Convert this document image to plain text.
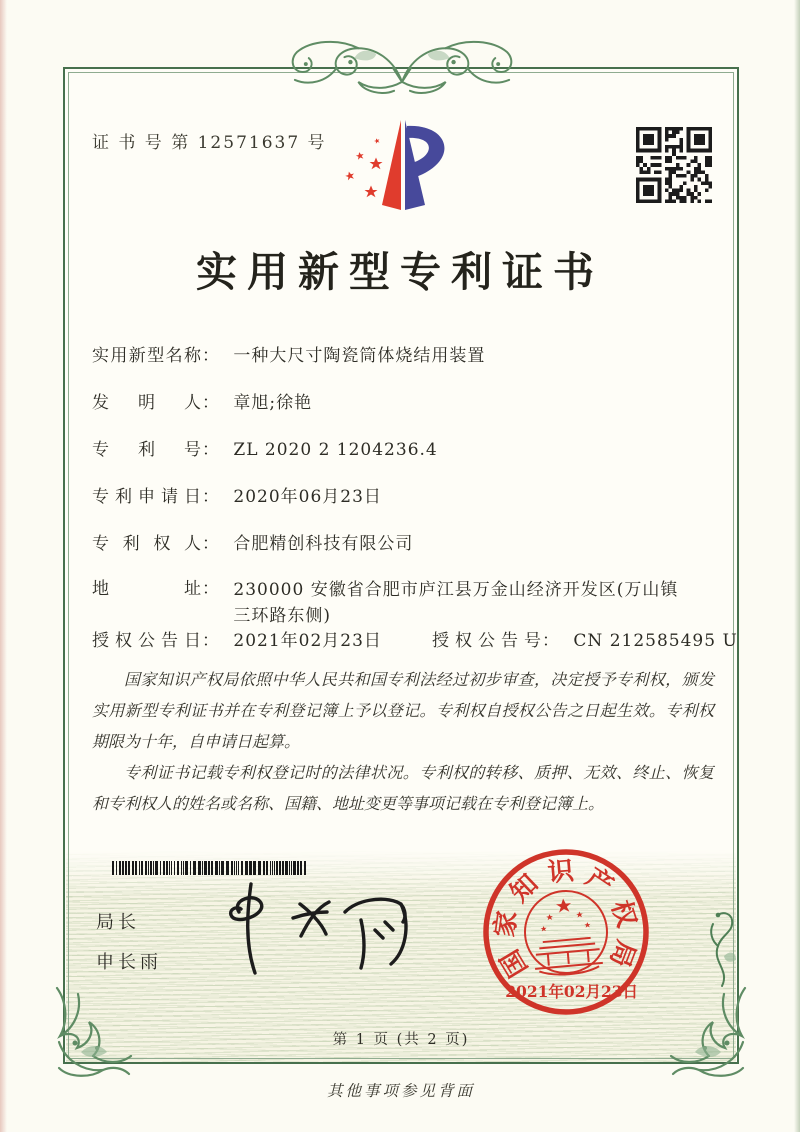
证 书 号 第 12571637 号
实用新型专利证书
实用新型名称： 一种大尺寸陶瓷筒体烧结用装置
发明人： 章旭;徐艳
专利号： ZL 2020 2 1204236.4
专利申请日： 2020年06月23日
专利权人： 合肥精创科技有限公司
地址： 230000 安徽省合肥市庐江县万金山经济开发区(万山镇三环路东侧)
授权公告日： 2021年02月23日	授权公告号： CN 212585495 U

国家知识产权局依照中华人民共和国专利法经过初步审查，决定授予专利权，颁发实用新型专利证书并在专利登记簿上予以登记。专利权自授权公告之日起生效。专利权期限为十年，自申请日起算。

专利证书记载专利权登记时的法律状况。专利权的转移、质押、无效、终止、恢复和专利权人的姓名或名称、国籍、地址变更等事项记载在专利登记簿上。

局长
申长雨	国
家
知 识 产
权
局
2021年02月23日
第 1 页 (共 2 页)
其他事项参见背面
